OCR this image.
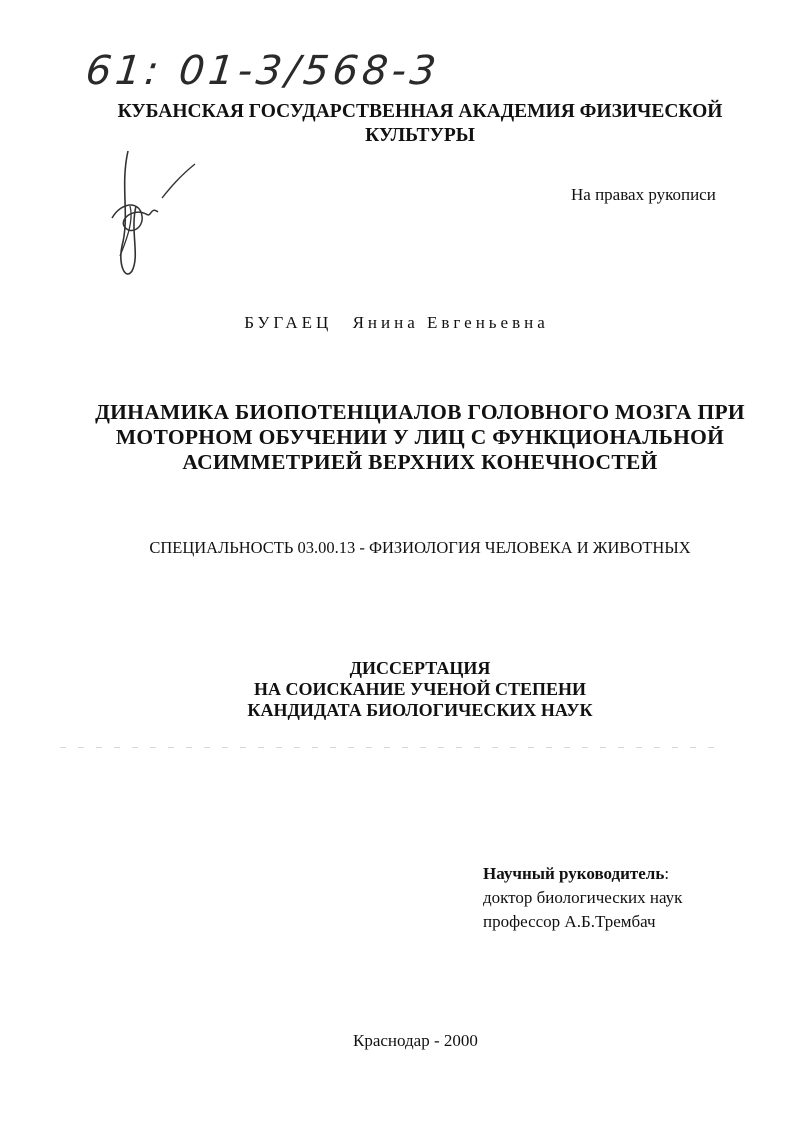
61: 01-3/568-3
КУБАНСКАЯ ГОСУДАРСТВЕННАЯ АКАДЕМИЯ ФИЗИЧЕСКОЙ КУЛЬТУРЫ
На правах рукописи
БУГАЕЦ Янина Евгеньевна
ДИНАМИКА БИОПОТЕНЦИАЛОВ ГОЛОВНОГО МОЗГА ПРИ МОТОРНОМ ОБУЧЕНИИ У ЛИЦ С ФУНКЦИОНАЛЬНОЙ АСИММЕТРИЕЙ ВЕРХНИХ КОНЕЧНОСТЕЙ
СПЕЦИАЛЬНОСТЬ 03.00.13 - ФИЗИОЛОГИЯ ЧЕЛОВЕКА И ЖИВОТНЫХ
ДИССЕРТАЦИЯ
НА СОИСКАНИЕ УЧЕНОЙ СТЕПЕНИ
КАНДИДАТА БИОЛОГИЧЕСКИХ НАУК
Научный руководитель:
доктор биологических наук
профессор А.Б.Трембач
Краснодар - 2000
